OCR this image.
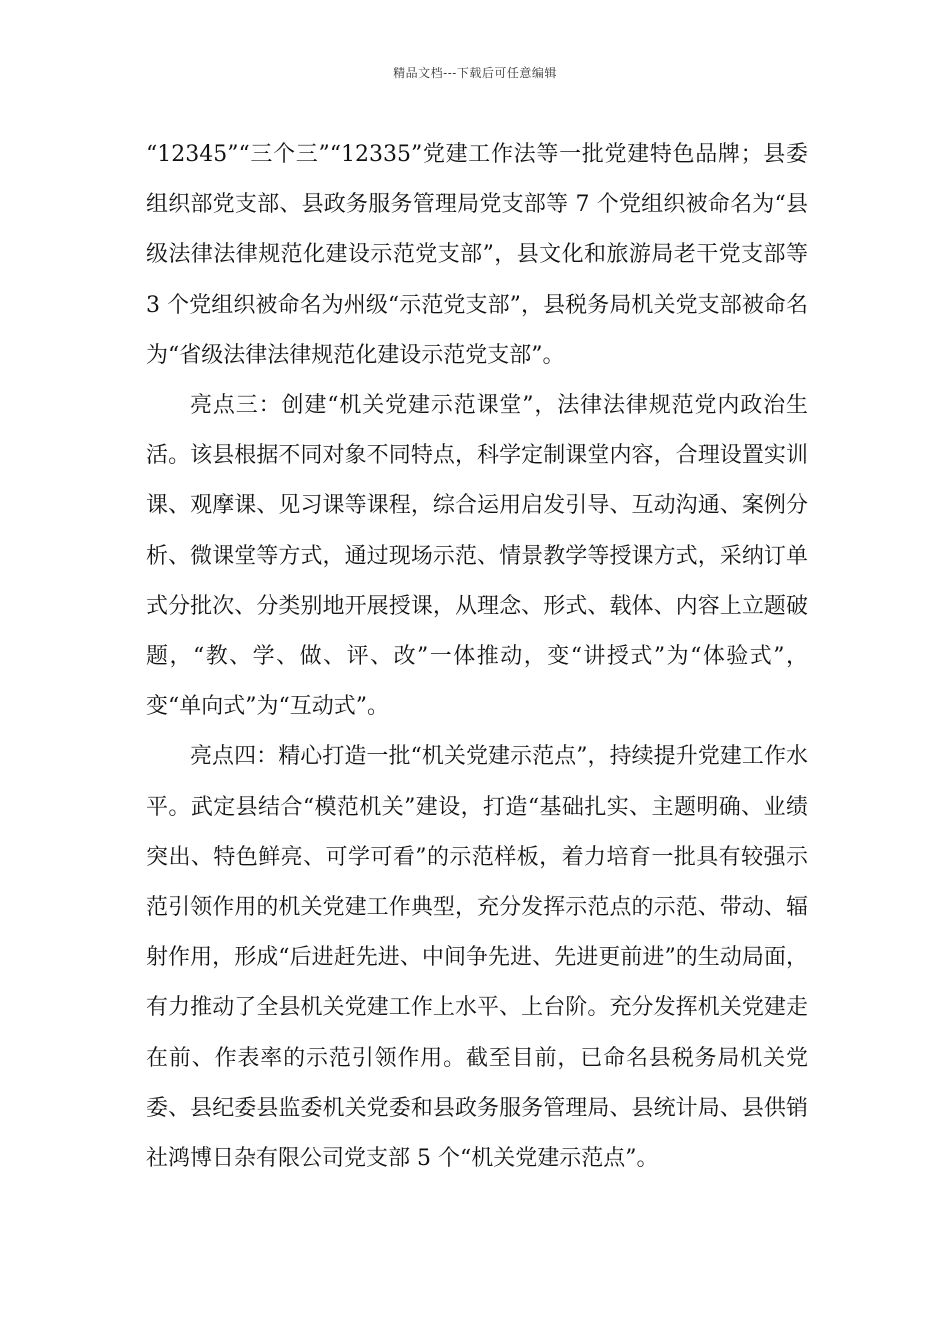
精品文档---下载后可任意编辑

“12345”“三个三”“12335”党建工作法等一批党建特色品牌；县委组织部党支部、县政务服务管理局党支部等 7 个党组织被命名为“县级法律法律规范化建设示范党支部”，县文化和旅游局老干党支部等 3 个党组织被命名为州级“示范党支部”，县税务局机关党支部被命名为“省级法律法律规范化建设示范党支部”。

亮点三：创建“机关党建示范课堂”，法律法律规范党内政治生活。该县根据不同对象不同特点，科学定制课堂内容，合理设置实训课、观摩课、见习课等课程，综合运用启发引导、互动沟通、案例分析、微课堂等方式，通过现场示范、情景教学等授课方式，采纳订单式分批次、分类别地开展授课，从理念、形式、载体、内容上立题破题，“教、学、做、评、改”一体推动，变“讲授式”为“体验式”，变“单向式”为“互动式”。

亮点四：精心打造一批“机关党建示范点”，持续提升党建工作水平。武定县结合“模范机关”建设，打造“基础扎实、主题明确、业绩突出、特色鲜亮、可学可看”的示范样板，着力培育一批具有较强示范引领作用的机关党建工作典型，充分发挥示范点的示范、带动、辐射作用，形成“后进赶先进、中间争先进、先进更前进”的生动局面，有力推动了全县机关党建工作上水平、上台阶。充分发挥机关党建走在前、作表率的示范引领作用。截至目前，已命名县税务局机关党委、县纪委县监委机关党委和县政务服务管理局、县统计局、县供销社鸿博日杂有限公司党支部 5 个“机关党建示范点”。
